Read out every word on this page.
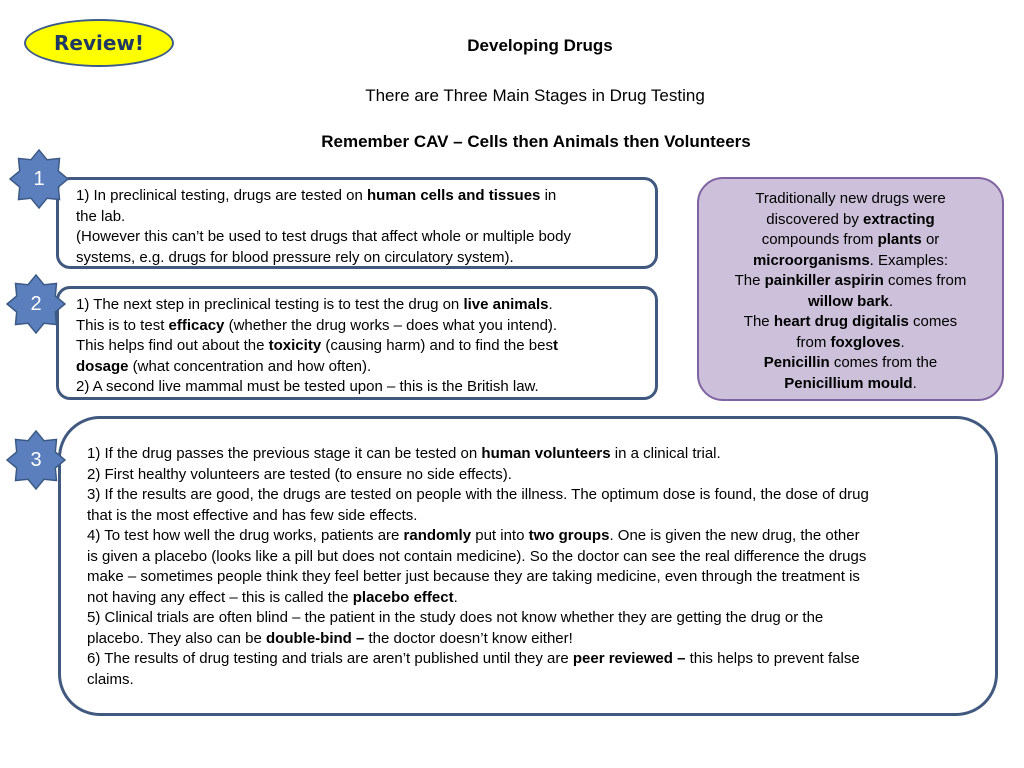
Review!	Developing Drugs
There are Three Main Stages in Drug Testing
Remember CAV – Cells then Animals then Volunteers
1) In preclinical testing, drugs are tested on human cells and tissues in
the lab.
(However this can’t be used to test drugs that affect whole or multiple body
systems, e.g. drugs for blood pressure rely on circulatory system).
1) The next step in preclinical testing is to test the drug on live animals.
This is to test efficacy (whether the drug works – does what you intend).
This helps find out about the toxicity (causing harm) and to find the best
dosage (what concentration and how often).
2) A second live mammal must be tested upon – this is the British law.
1) If the drug passes the previous stage it can be tested on human volunteers in a clinical trial.
2) First healthy volunteers are tested (to ensure no side effects).
3) If the results are good, the drugs are tested on people with the illness. The optimum dose is found, the dose of drug
that is the most effective and has few side effects.
4) To test how well the drug works, patients are randomly put into two groups. One is given the new drug, the other
is given a placebo (looks like a pill but does not contain medicine). So the doctor can see the real difference the drugs
make – sometimes people think they feel better just because they are taking medicine, even through the treatment is
not having any effect – this is called the placebo effect.
5) Clinical trials are often blind – the patient in the study does not know whether they are getting the drug or the
placebo. They also can be double-bind – the doctor doesn’t know either!
6) The results of drug testing and trials are aren’t published until they are peer reviewed – this helps to prevent false
claims.
Traditionally new drugs were
discovered by extracting
compounds from plants or
microorganisms. Examples:
The painkiller aspirin comes from
willow bark.
The heart drug digitalis comes
from foxgloves.
Penicillin comes from the
Penicillium mould.
1
2
3
